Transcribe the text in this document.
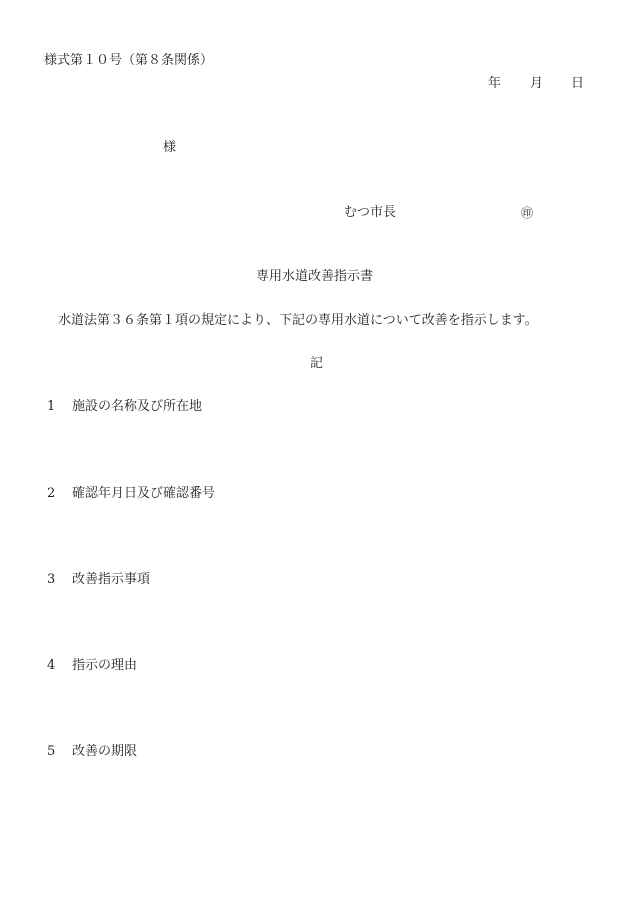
様式第１０号（第８条関係）
年 月 日
様
むつ市長	㊞
専用水道改善指示書
水道法第３６条第１項の規定により、下記の専用水道について改善を指示します。
記
1 施設の名称及び所在地
2 確認年月日及び確認番号
3 改善指示事項
4 指示の理由
5 改善の期限
